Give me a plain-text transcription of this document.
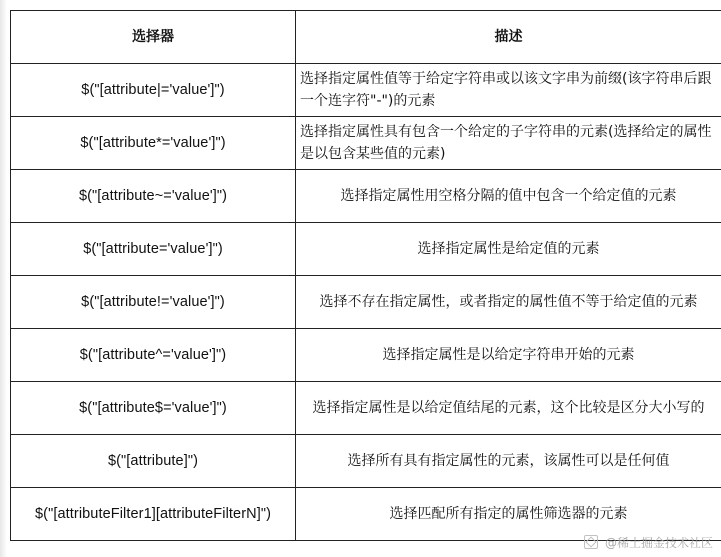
选择器	描述
$("[attribute|='value']")	选择指定属性值等于给定字符串或以该文字串为前缀(该字符串后跟一个连字符"-")的元素
$("[attribute*='value']")	选择指定属性具有包含一个给定的子字符串的元素(选择给定的属性是以包含某些值的元素)
$("[attribute~='value']")	选择指定属性用空格分隔的值中包含一个给定值的元素
$("[attribute='value']")	选择指定属性是给定值的元素
$("[attribute!='value']")	选择不存在指定属性，或者指定的属性值不等于给定值的元素
$("[attribute^='value']")	选择指定属性是以给定字符串开始的元素
$("[attribute$='value']")	选择指定属性是以给定值结尾的元素，这个比较是区分大小写的
$("[attribute]")	选择所有具有指定属性的元素，该属性可以是任何值
$("[attributeFilter1][attributeFilterN]")	选择匹配所有指定的属性筛选器的元素
@稀土掘金技术社区
